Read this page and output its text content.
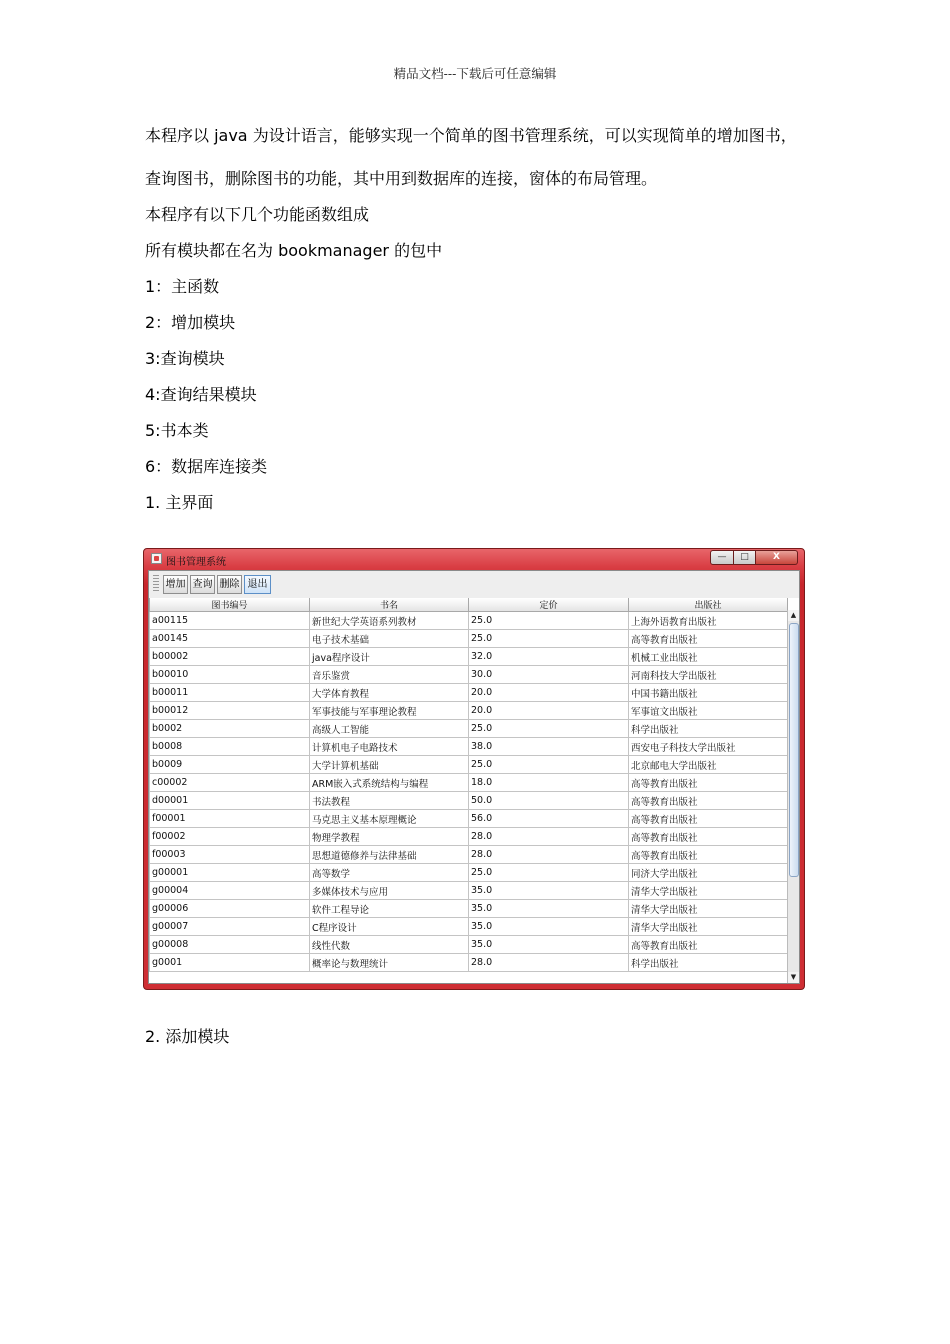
精品文档---下载后可任意编辑
本程序以 java 为设计语言，能够实现一个简单的图书管理系统，可以实现简单的增加图书，
查询图书，删除图书的功能，其中用到数据库的连接，窗体的布局管理。
本程序有以下几个功能函数组成
所有模块都在名为 bookmanager 的包中
1：主函数
2：增加模块
3:查询模块
4:查询结果模块
5:书本类
6：数据库连接类
1. 主界面
图书管理系统	—	□	X
增加 查询 删除 退出
图书编号	书名	定价	出版社
a00115	新世纪大学英语系列教材	25.0	上海外语教育出版社
a00145	电子技术基础	25.0	高等教育出版社
b00002	java程序设计	32.0	机械工业出版社
b00010	音乐鉴赏	30.0	河南科技大学出版社
b00011	大学体育教程	20.0	中国书籍出版社
b00012	军事技能与军事理论教程	20.0	军事谊文出版社
b0002	高级人工智能	25.0	科学出版社
b0008	计算机电子电路技术	38.0	西安电子科技大学出版社
b0009	大学计算机基础	25.0	北京邮电大学出版社
c00002	ARM嵌入式系统结构与编程	18.0	高等教育出版社
d00001	书法教程	50.0	高等教育出版社
f00001	马克思主义基本原理概论	56.0	高等教育出版社
f00002	物理学教程	28.0	高等教育出版社
f00003	思想道德修养与法律基础	28.0	高等教育出版社
g00001	高等数学	25.0	同济大学出版社
g00004	多媒体技术与应用	35.0	清华大学出版社
g00006	软件工程导论	35.0	清华大学出版社
g00007	C程序设计	35.0	清华大学出版社
g00008	线性代数	35.0	高等教育出版社
g0001	概率论与数理统计	28.0	科学出版社
▲
▼
2. 添加模块
